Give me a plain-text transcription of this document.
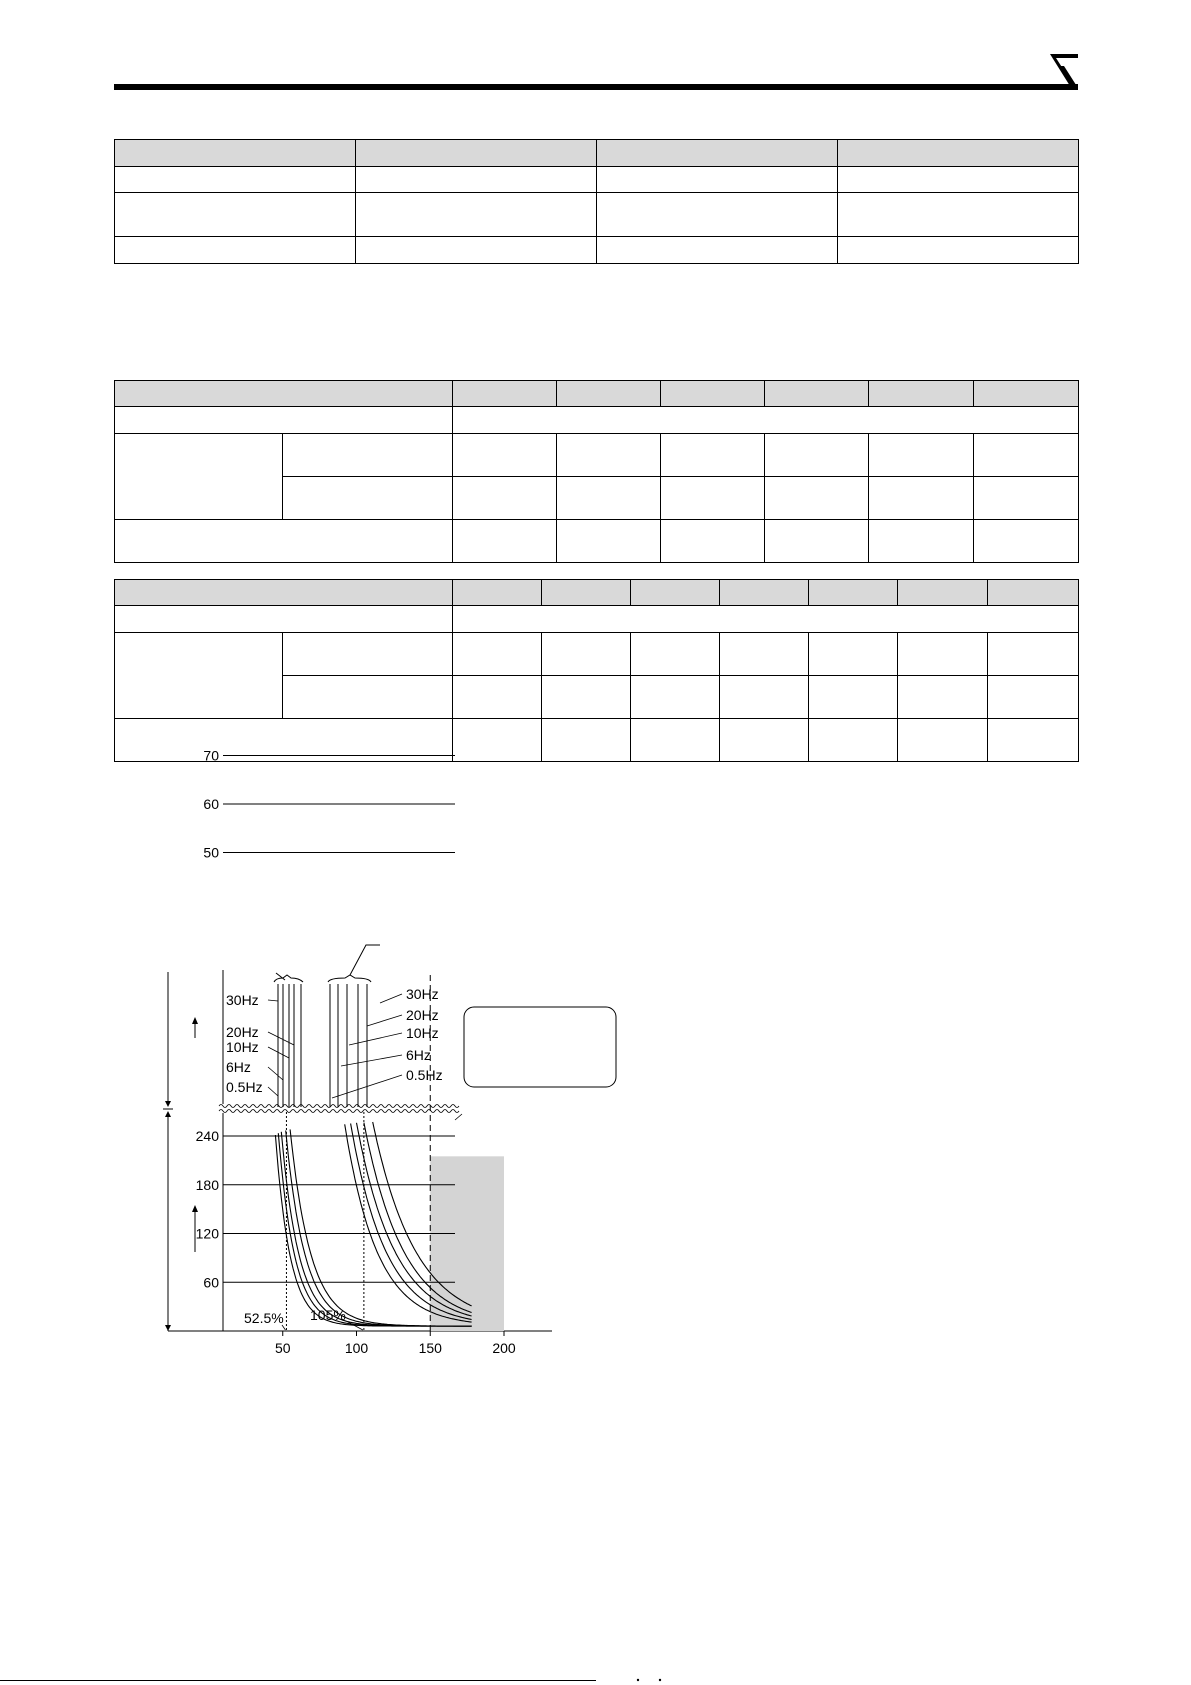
50
60
70
60
120
180
240
50	100	150	200
30Hz
20Hz
10Hz
6Hz
0.5Hz
30Hz
20Hz
10Hz
6Hz
0.5Hz
52.5% 105%
